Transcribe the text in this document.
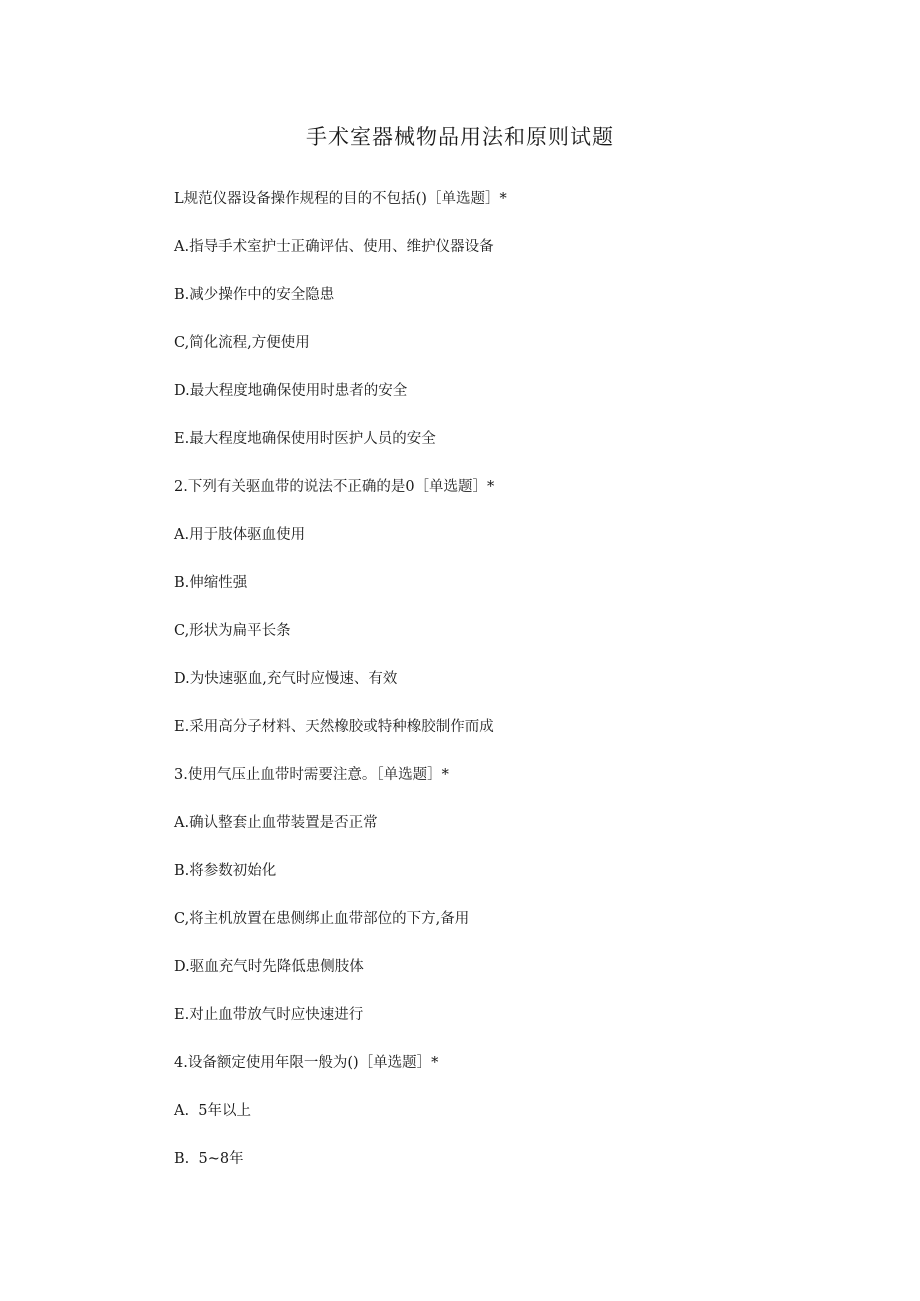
手术室器械物品用法和原则试题
L规范仪器设备操作规程的目的不包括()［单选题］*
A.指导手术室护士正确评估、使用、维护仪器设备
B.减少操作中的安全隐患
C,简化流程,方便使用
D.最大程度地确保使用时患者的安全
E.最大程度地确保使用时医护人员的安全
2.下列有关驱血带的说法不正确的是0［单选题］*
A.用于肢体驱血使用
B.伸缩性强
C,形状为扁平长条
D.为快速驱血,充气时应慢速、有效
E.采用高分子材料、天然橡胶或特种橡胶制作而成
3.使用气压止血带时需要注意。［单选题］*
A.确认整套止血带装置是否正常
B.将参数初始化
C,将主机放置在患侧绑止血带部位的下方,备用
D.驱血充气时先降低患侧肢体
E.对止血带放气时应快速进行
4.设备额定使用年限一般为()［单选题］*
A.  5年以上
B.  5~8年
